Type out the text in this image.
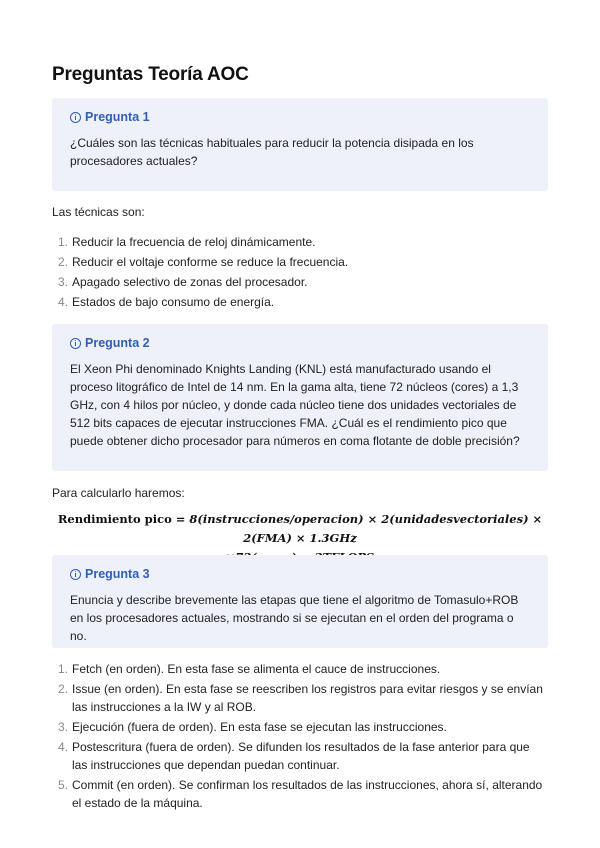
Preguntas Teoría AOC
Pregunta 1
¿Cuáles son las técnicas habituales para reducir la potencia disipada en los procesadores actuales?
Las técnicas son:
1. Reducir la frecuencia de reloj dinámicamente.
2. Reducir el voltaje conforme se reduce la frecuencia.
3. Apagado selectivo de zonas del procesador.
4. Estados de bajo consumo de energía.
Pregunta 2
El Xeon Phi denominado Knights Landing (KNL) está manufacturado usando el proceso litográfico de Intel de 14 nm. En la gama alta, tiene 72 núcleos (cores) a 1,3 GHz, con 4 hilos por núcleo, y donde cada núcleo tiene dos unidades vectoriales de 512 bits capaces de ejecutar instrucciones FMA. ¿Cuál es el rendimiento pico que puede obtener dicho procesador para números en coma flotante de doble precisión?
Para calcularlo haremos:
Rendimiento pico = 8(instrucciones/operacion) × 2(unidadesvectoriales) × 2(FMA) × 1.3GHz
Pregunta 3
Enuncia y describe brevemente las etapas que tiene el algoritmo de Tomasulo+ROB en los procesadores actuales, mostrando si se ejecutan en el orden del programa o no.
1. Fetch (en orden). En esta fase se alimenta el cauce de instrucciones.
2. Issue (en orden). En esta fase se reescriben los registros para evitar riesgos y se envían las instrucciones a la IW y al ROB.
3. Ejecución (fuera de orden). En esta fase se ejecutan las instrucciones.
4. Postescritura (fuera de orden). Se difunden los resultados de la fase anterior para que las instrucciones que dependan puedan continuar.
5. Commit (en orden). Se confirman los resultados de las instrucciones, ahora sí, alterando el estado de la máquina.
